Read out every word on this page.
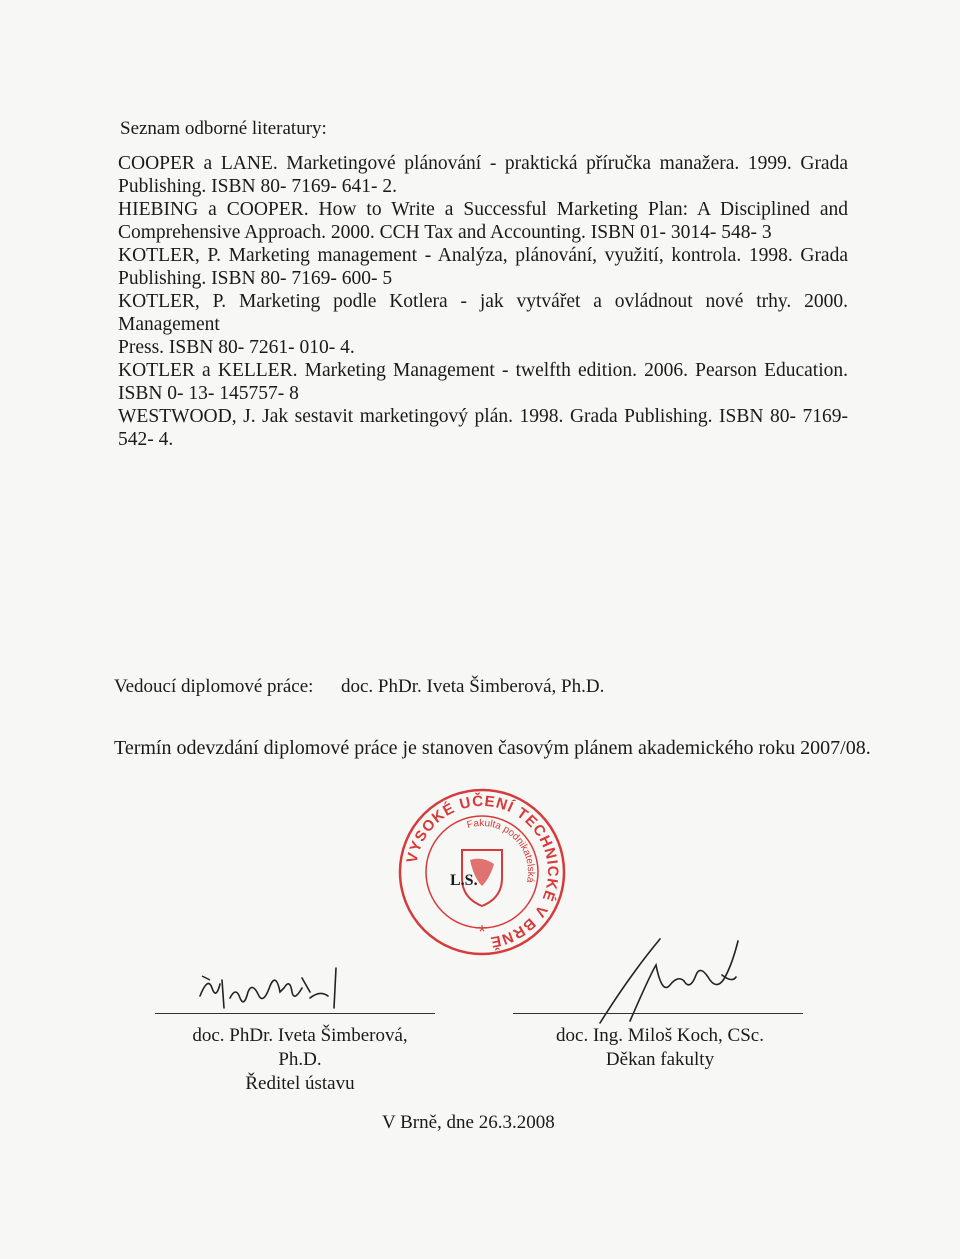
Seznam odborné literatury:
COOPER a LANE. Marketingové plánování - praktická příručka manažera. 1999. Grada
Publishing. ISBN 80- 7169- 641- 2.
HIEBING a COOPER. How to Write a Successful Marketing Plan: A Disciplined and
Comprehensive Approach. 2000. CCH Tax and Accounting. ISBN 01- 3014- 548- 3
KOTLER, P. Marketing management - Analýza, plánování, využití, kontrola. 1998. Grada
Publishing. ISBN 80- 7169- 600- 5
KOTLER, P. Marketing podle Kotlera - jak vytvářet a ovládnout nové trhy. 2000. Management
Press. ISBN 80- 7261- 010- 4.
KOTLER a KELLER. Marketing Management - twelfth edition. 2006. Pearson Education.
ISBN 0- 13- 145757- 8
WESTWOOD, J. Jak sestavit marketingový plán. 1998. Grada Publishing. ISBN 80- 7169-
542- 4.
Vedoucí diplomové práce: doc. PhDr. Iveta Šimberová, Ph.D.
Termín odevzdání diplomové práce je stanoven časovým plánem akademického roku 2007/08.
VYSOKÉ UČENÍ TECHNICKÉ V BRNĚ
Fakulta podnikatelská
*
L.S.
doc. PhDr. Iveta Šimberová, Ph.D.
Ředitel ústavu
doc. Ing. Miloš Koch, CSc.
Děkan fakulty
V Brně, dne 26.3.2008
